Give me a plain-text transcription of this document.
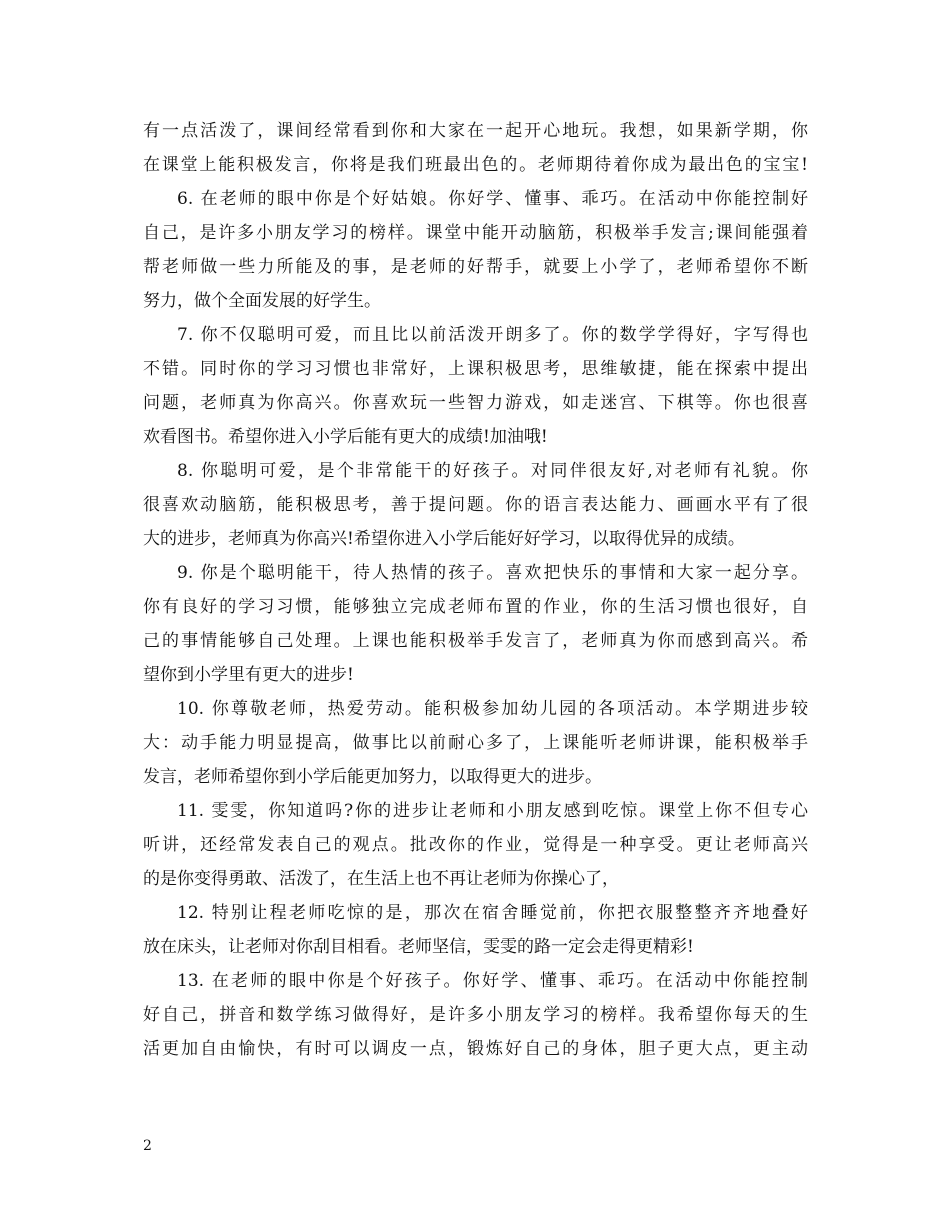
有一点活泼了，课间经常看到你和大家在一起开心地玩。我想，如果新学期，你
在课堂上能积极发言，你将是我们班最出色的。老师期待着你成为最出色的宝宝!
6. 在老师的眼中你是个好姑娘。你好学、懂事、乖巧。在活动中你能控制好
自己，是许多小朋友学习的榜样。课堂中能开动脑筋，积极举手发言;课间能强着
帮老师做一些力所能及的事，是老师的好帮手，就要上小学了，老师希望你不断
努力，做个全面发展的好学生。
7. 你不仅聪明可爱，而且比以前活泼开朗多了。你的数学学得好，字写得也
不错。同时你的学习习惯也非常好，上课积极思考，思维敏捷，能在探索中提出
问题，老师真为你高兴。你喜欢玩一些智力游戏，如走迷宫、下棋等。你也很喜
欢看图书。希望你进入小学后能有更大的成绩!加油哦!
8. 你聪明可爱，是个非常能干的好孩子。对同伴很友好,对老师有礼貌。你
很喜欢动脑筋，能积极思考，善于提问题。你的语言表达能力、画画水平有了很
大的进步，老师真为你高兴!希望你进入小学后能好好学习，以取得优异的成绩。
9. 你是个聪明能干，待人热情的孩子。喜欢把快乐的事情和大家一起分享。
你有良好的学习习惯，能够独立完成老师布置的作业，你的生活习惯也很好，自
己的事情能够自己处理。上课也能积极举手发言了，老师真为你而感到高兴。希
望你到小学里有更大的进步!
10. 你尊敬老师，热爱劳动。能积极参加幼儿园的各项活动。本学期进步较
大：动手能力明显提高，做事比以前耐心多了，上课能听老师讲课，能积极举手
发言，老师希望你到小学后能更加努力，以取得更大的进步。
11. 雯雯，你知道吗?你的进步让老师和小朋友感到吃惊。课堂上你不但专心
听讲，还经常发表自己的观点。批改你的作业，觉得是一种享受。更让老师高兴
的是你变得勇敢、活泼了，在生活上也不再让老师为你操心了，
12. 特别让程老师吃惊的是，那次在宿舍睡觉前，你把衣服整整齐齐地叠好
放在床头，让老师对你刮目相看。老师坚信，雯雯的路一定会走得更精彩!
13. 在老师的眼中你是个好孩子。你好学、懂事、乖巧。在活动中你能控制
好自己，拼音和数学练习做得好，是许多小朋友学习的榜样。我希望你每天的生
活更加自由愉快，有时可以调皮一点，锻炼好自己的身体，胆子更大点，更主动
2
